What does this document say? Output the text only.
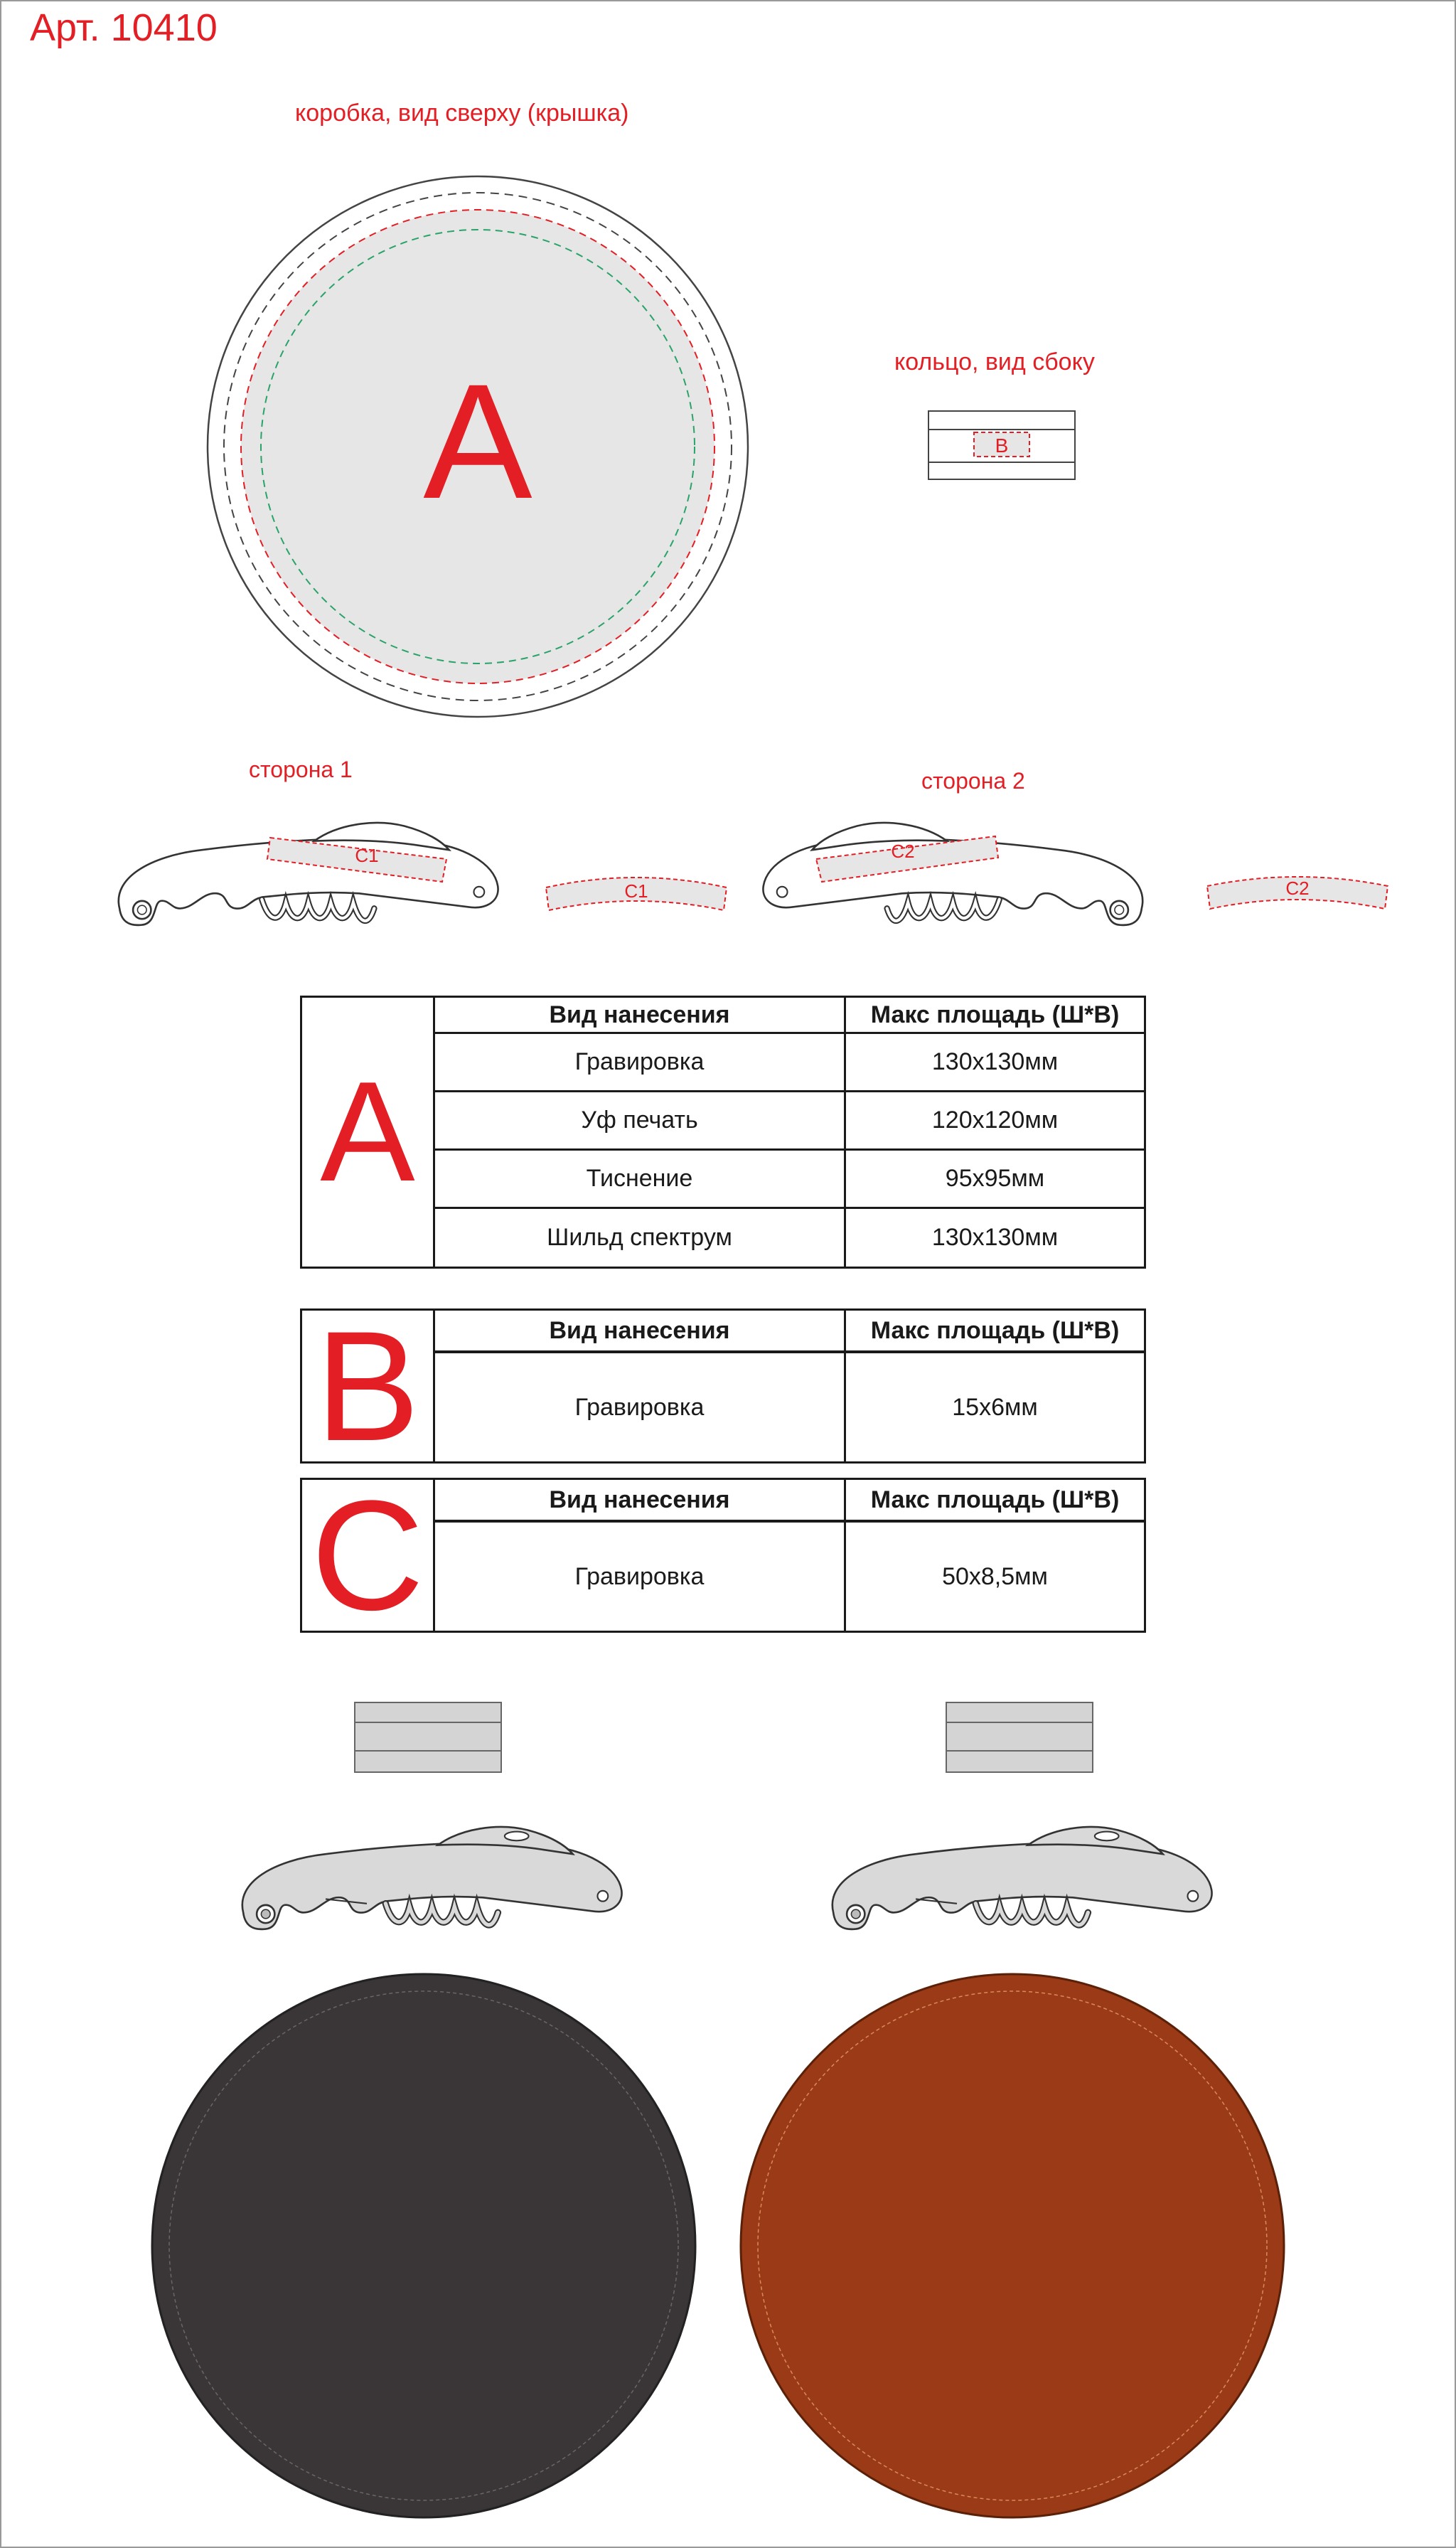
Арт. 10410
коробка, вид сверху (крышка)
кольцо, вид сбоку
сторона 1	сторона 2
A	B
C1
C1
C2
C2
A
Вид нанесения	Макс площадь (Ш*В)
Гравировка	130х130мм
Уф печать	120х120мм
Тиснение	95х95мм
Шильд спектрум	130х130мм
B	Вид нанесения	Макс площадь (Ш*В)
Гравировка	15х6мм
C	Вид нанесения	Макс площадь (Ш*В)
Гравировка	50х8,5мм
